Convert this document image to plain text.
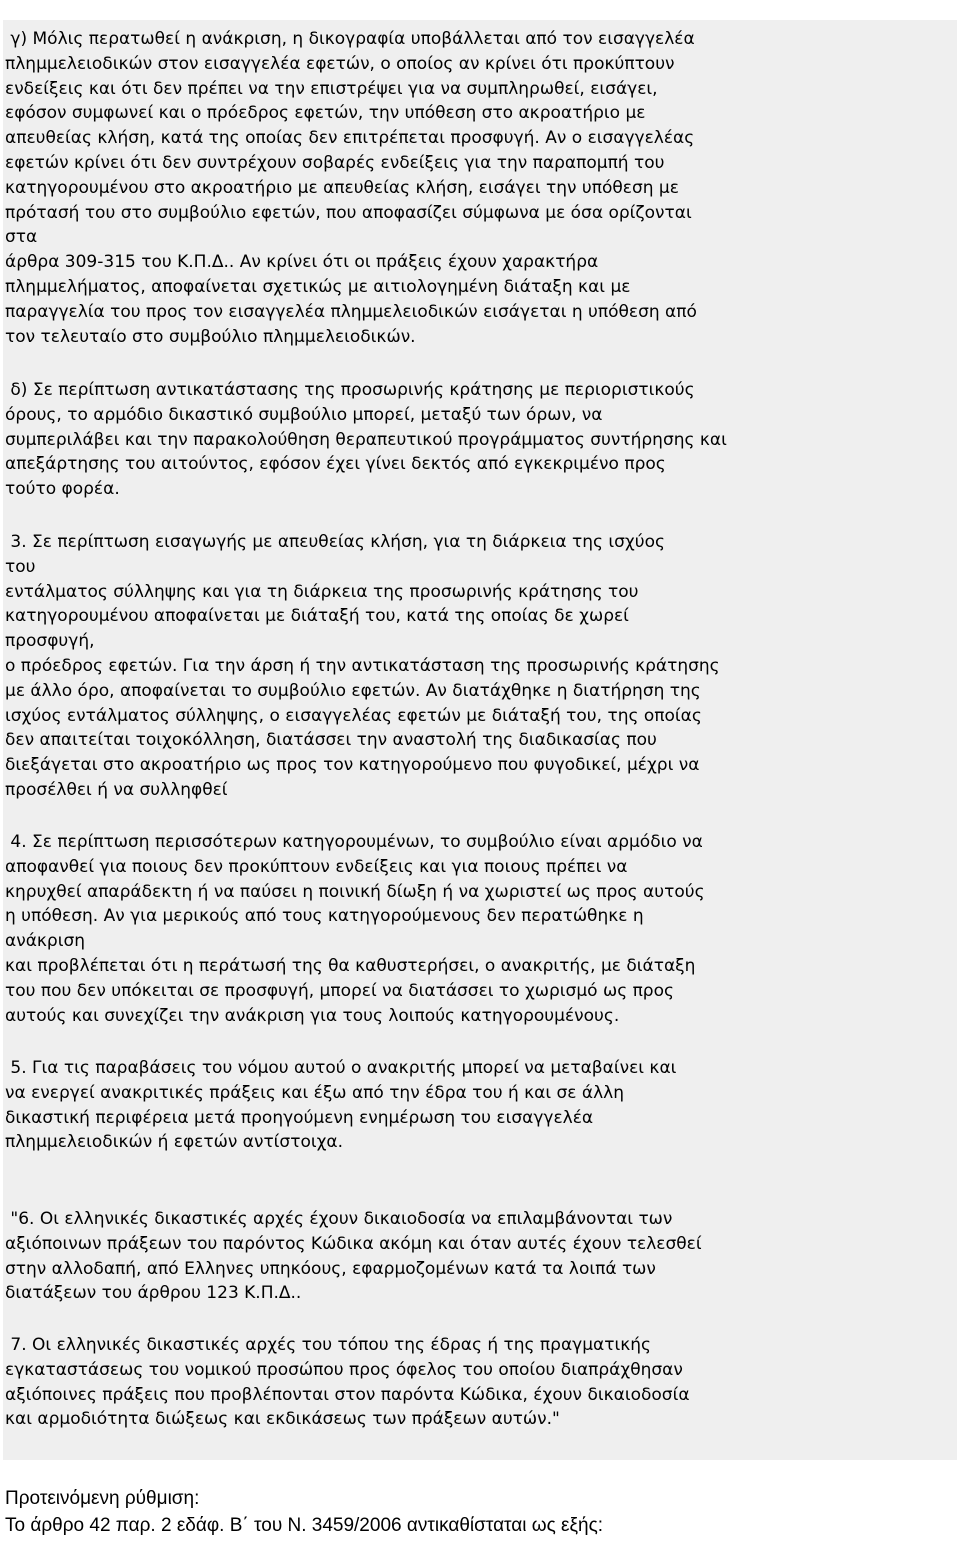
γ) Μόλις περατωθεί η ανάκριση, η δικογραφία υποβάλλεται από τον εισαγγελέα
πλημμελειοδικών στον εισαγγελέα εφετών, ο οποίος αν κρίνει ότι προκύπτουν
ενδείξεις και ότι δεν πρέπει να την επιστρέψει για να συμπληρωθεί, εισάγει,
εφόσον συμφωνεί και ο πρόεδρος εφετών, την υπόθεση στο ακροατήριο με
απευθείας κλήση, κατά της οποίας δεν επιτρέπεται προσφυγή. Αν ο εισαγγελέας
εφετών κρίνει ότι δεν συντρέχουν σοβαρές ενδείξεις για την παραπομπή του
κατηγορουμένου στο ακροατήριο με απευθείας κλήση, εισάγει την υπόθεση με
πρότασή του στο συμβούλιο εφετών, που αποφασίζει σύμφωνα με όσα ορίζονται
στα
άρθρα 309-315 του Κ.Π.Δ.. Αν κρίνει ότι οι πράξεις έχουν χαρακτήρα
πλημμελήματος, αποφαίνεται σχετικώς με αιτιολογημένη διάταξη και με
παραγγελία του προς τον εισαγγελέα πλημμελειοδικών εισάγεται η υπόθεση από
τον τελευταίο στο συμβούλιο πλημμελειοδικών.

δ) Σε περίπτωση αντικατάστασης της προσωρινής κράτησης με περιοριστικούς
όρους, το αρμόδιο δικαστικό συμβούλιο μπορεί, μεταξύ των όρων, να
συμπεριλάβει και την παρακολούθηση θεραπευτικού προγράμματος συντήρησης και
απεξάρτησης του αιτούντος, εφόσον έχει γίνει δεκτός από εγκεκριμένο προς
τούτο φορέα.

3. Σε περίπτωση εισαγωγής με απευθείας κλήση, για τη διάρκεια της ισχύος
του
εντάλματος σύλληψης και για τη διάρκεια της προσωρινής κράτησης του
κατηγορουμένου αποφαίνεται με διάταξή του, κατά της οποίας δε χωρεί
προσφυγή,
ο πρόεδρος εφετών. Για την άρση ή την αντικατάσταση της προσωρινής κράτησης
με άλλο όρο, αποφαίνεται το συμβούλιο εφετών. Αν διατάχθηκε η διατήρηση της
ισχύος εντάλματος σύλληψης, ο εισαγγελέας εφετών με διάταξή του, της οποίας
δεν απαιτείται τοιχοκόλληση, διατάσσει την αναστολή της διαδικασίας που
διεξάγεται στο ακροατήριο ως προς τον κατηγορούμενο που φυγοδικεί, μέχρι να
προσέλθει ή να συλληφθεί

4. Σε περίπτωση περισσότερων κατηγορουμένων, το συμβούλιο είναι αρμόδιο να
αποφανθεί για ποιους δεν προκύπτουν ενδείξεις και για ποιους πρέπει να
κηρυχθεί απαράδεκτη ή να παύσει η ποινική δίωξη ή να χωριστεί ως προς αυτούς
η υπόθεση. Αν για μερικούς από τους κατηγορούμενους δεν περατώθηκε η
ανάκριση
και προβλέπεται ότι η περάτωσή της θα καθυστερήσει, ο ανακριτής, με διάταξη
του που δεν υπόκειται σε προσφυγή, μπορεί να διατάσσει το χωρισμό ως προς
αυτούς και συνεχίζει την ανάκριση για τους λοιπούς κατηγορουμένους.

5. Για τις παραβάσεις του νόμου αυτού ο ανακριτής μπορεί να μεταβαίνει και
να ενεργεί ανακριτικές πράξεις και έξω από την έδρα του ή και σε άλλη
δικαστική περιφέρεια μετά προηγούμενη ενημέρωση του εισαγγελέα
πλημμελειοδικών ή εφετών αντίστοιχα.

"6. Οι ελληνικές δικαστικές αρχές έχουν δικαιοδοσία να επιλαμβάνονται των
αξιόποινων πράξεων του παρόντος Κώδικα ακόμη και όταν αυτές έχουν τελεσθεί
στην αλλοδαπή, από Ελληνες υπηκόους, εφαρμοζομένων κατά τα λοιπά των
διατάξεων του άρθρου 123 Κ.Π.Δ..

7. Οι ελληνικές δικαστικές αρχές του τόπου της έδρας ή της πραγματικής
εγκαταστάσεως του νομικού προσώπου προς όφελος του οποίου διαπράχθησαν
αξιόποινες πράξεις που προβλέπονται στον παρόντα Κώδικα, έχουν δικαιοδοσία
και αρμοδιότητα διώξεως και εκδικάσεως των πράξεων αυτών."

Προτεινόμενη ρύθμιση:

Το άρθρο 42 παρ. 2 εδάφ. Β΄ του Ν. 3459/2006 αντικαθίσταται ως εξής:
